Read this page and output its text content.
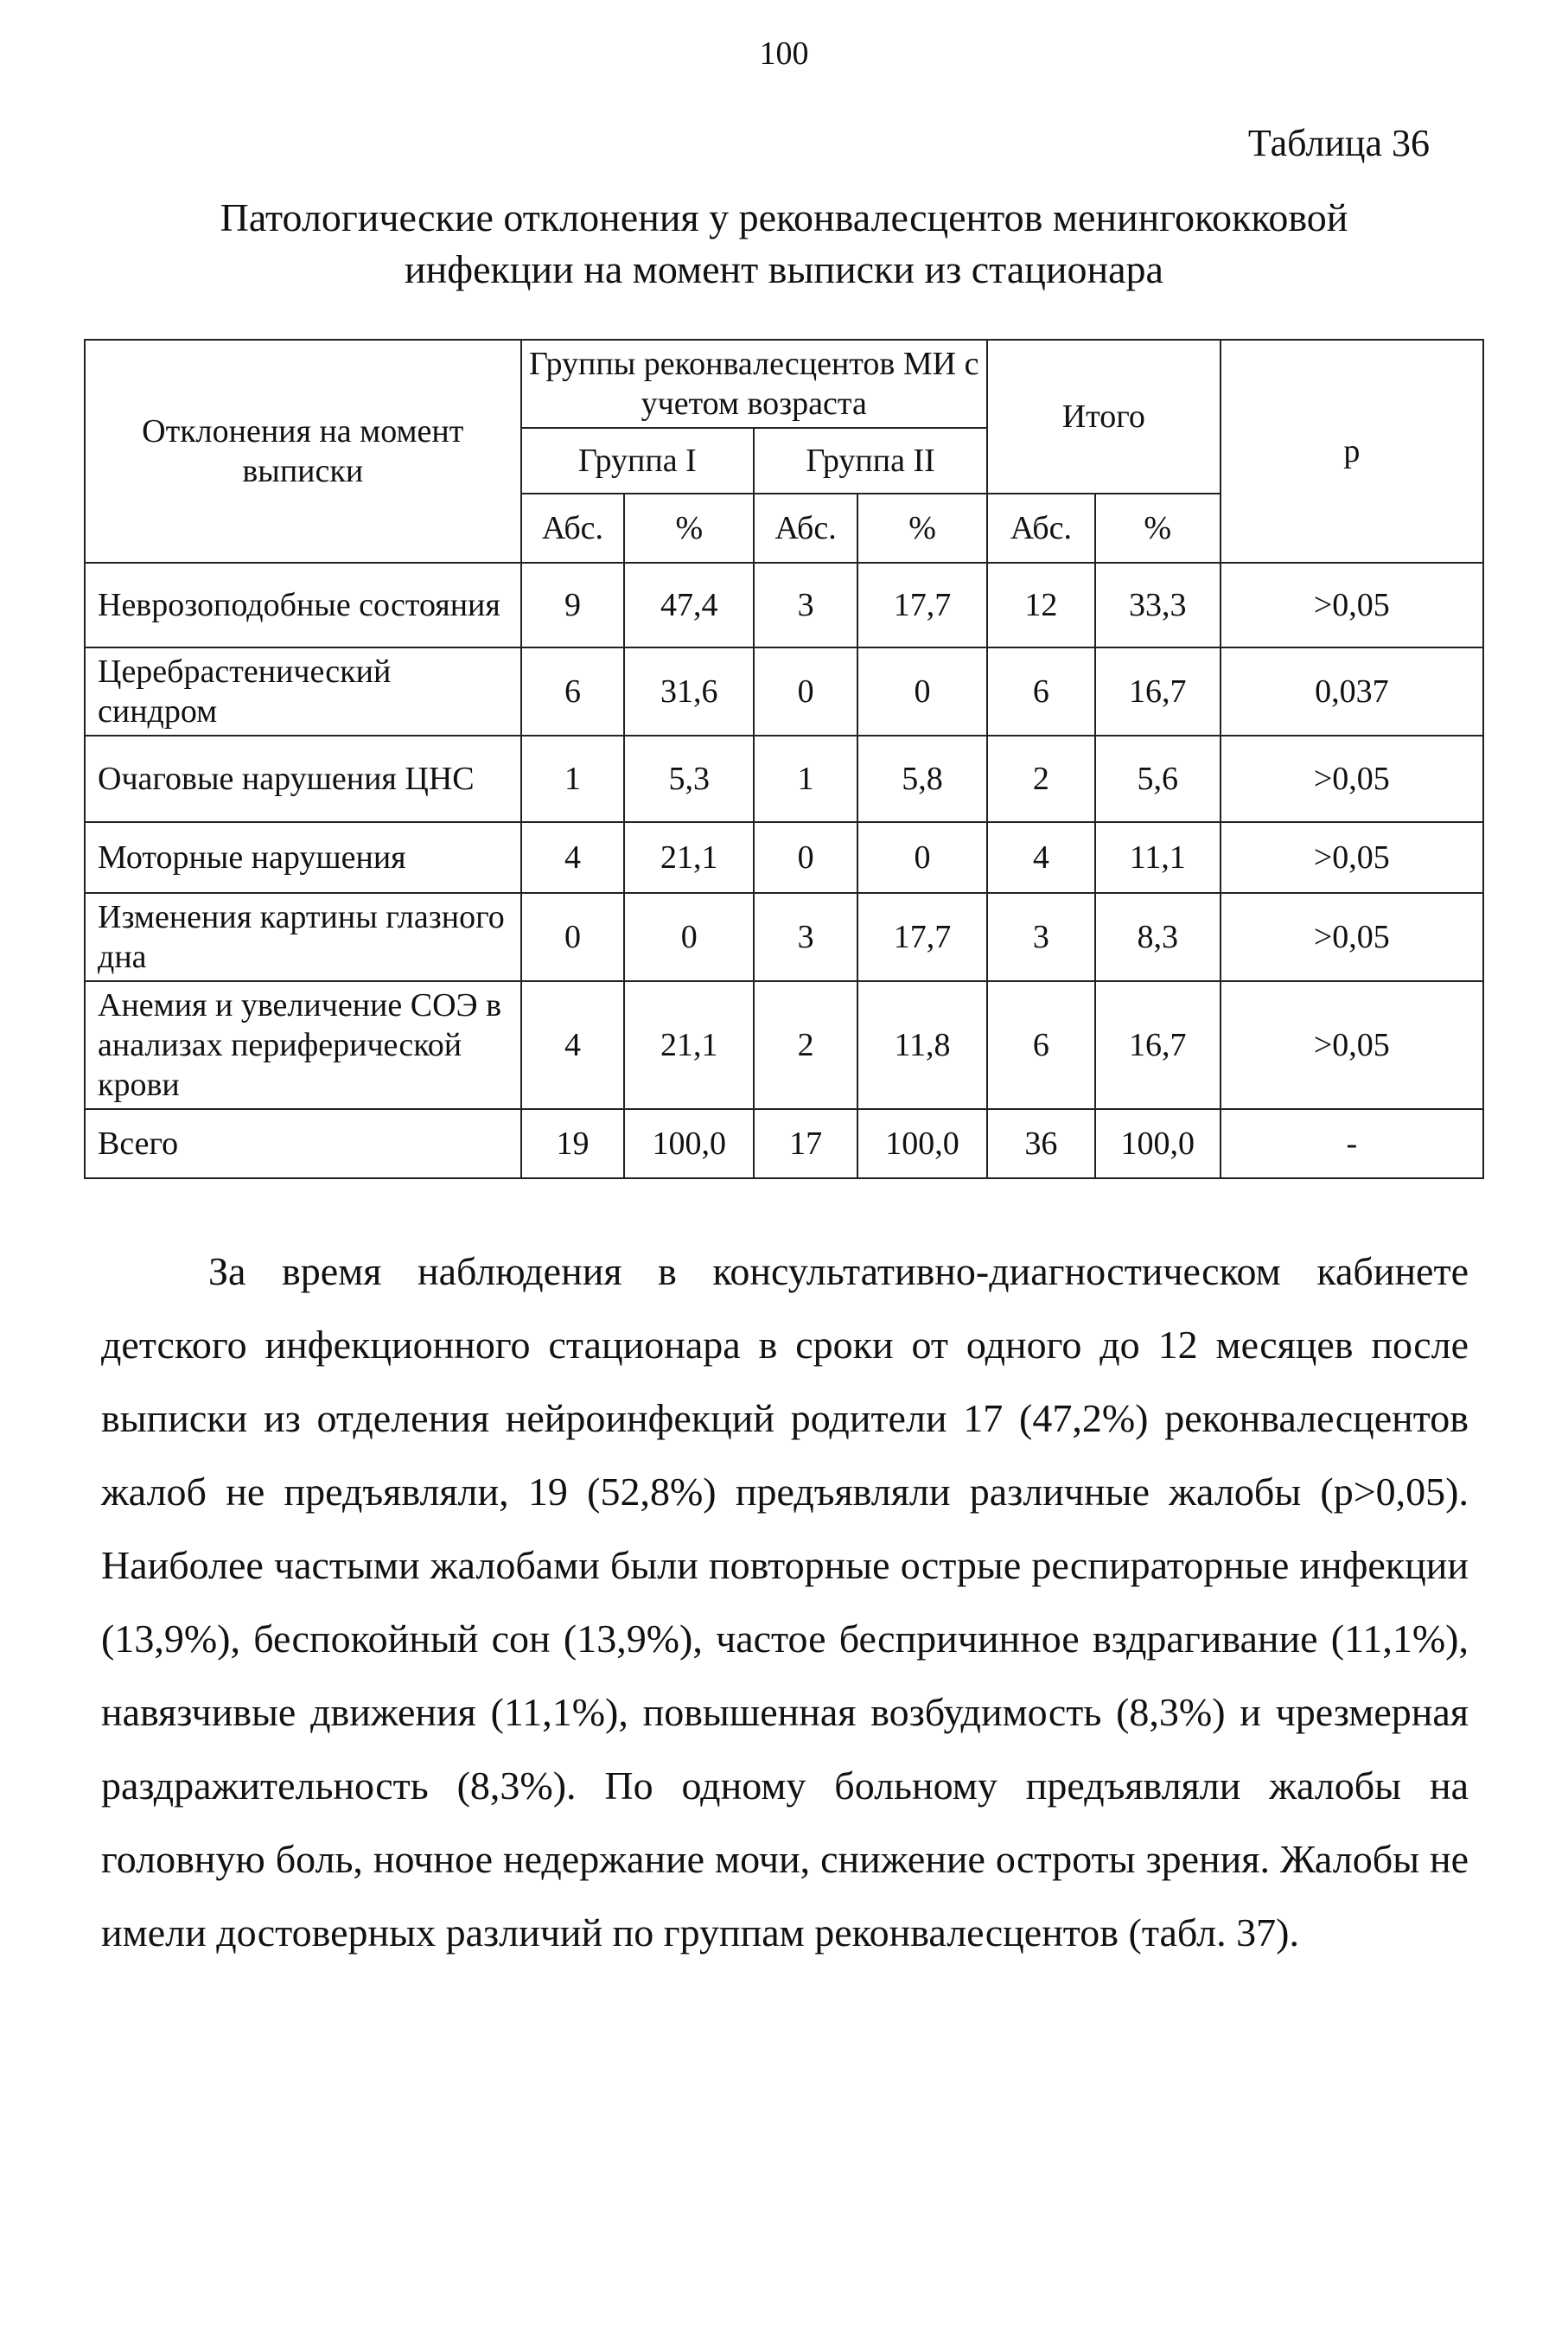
100
Таблица 36
Патологические отклонения у реконвалесцентов менингококковой
инфекции на момент выписки из стационара
Отклонения на момент выписки	Группы реконвалесцентов МИ с учетом возраста				Итого		р
	Группа I		Группа II				
	Абс.	%	Абс.	%	Абс.	%	
Неврозоподобные состояния	9	47,4	3	17,7	12	33,3	>0,05
Церебрастенический синдром	6	31,6	0	0	6	16,7	0,037
Очаговые нарушения ЦНС	1	5,3	1	5,8	2	5,6	>0,05
Моторные нарушения	4	21,1	0	0	4	11,1	>0,05
Изменения картины глазного дна	0	0	3	17,7	3	8,3	>0,05
Анемия и увеличение СОЭ в анализах периферической крови	4	21,1	2	11,8	6	16,7	>0,05
Всего	19	100,0	17	100,0	36	100,0	-

За время наблюдения в консультативно-диагностическом кабинете детского инфекционного стационара в сроки от одного до 12 месяцев после выписки из отделения нейроинфекций родители 17 (47,2%) реконвалесцентов жалоб не предъявляли, 19 (52,8%) предъявляли различные жалобы (р>0,05). Наиболее частыми жалобами были повторные острые респираторные инфекции (13,9%), беспокойный сон (13,9%), частое беспричинное вздрагивание (11,1%), навязчивые движения (11,1%), повышенная возбудимость (8,3%) и чрезмерная раздражительность (8,3%). По одному больному предъявляли жалобы на головную боль, ночное недержание мочи, снижение остроты зрения. Жалобы не имели достоверных различий по группам реконвалесцентов (табл. 37).
